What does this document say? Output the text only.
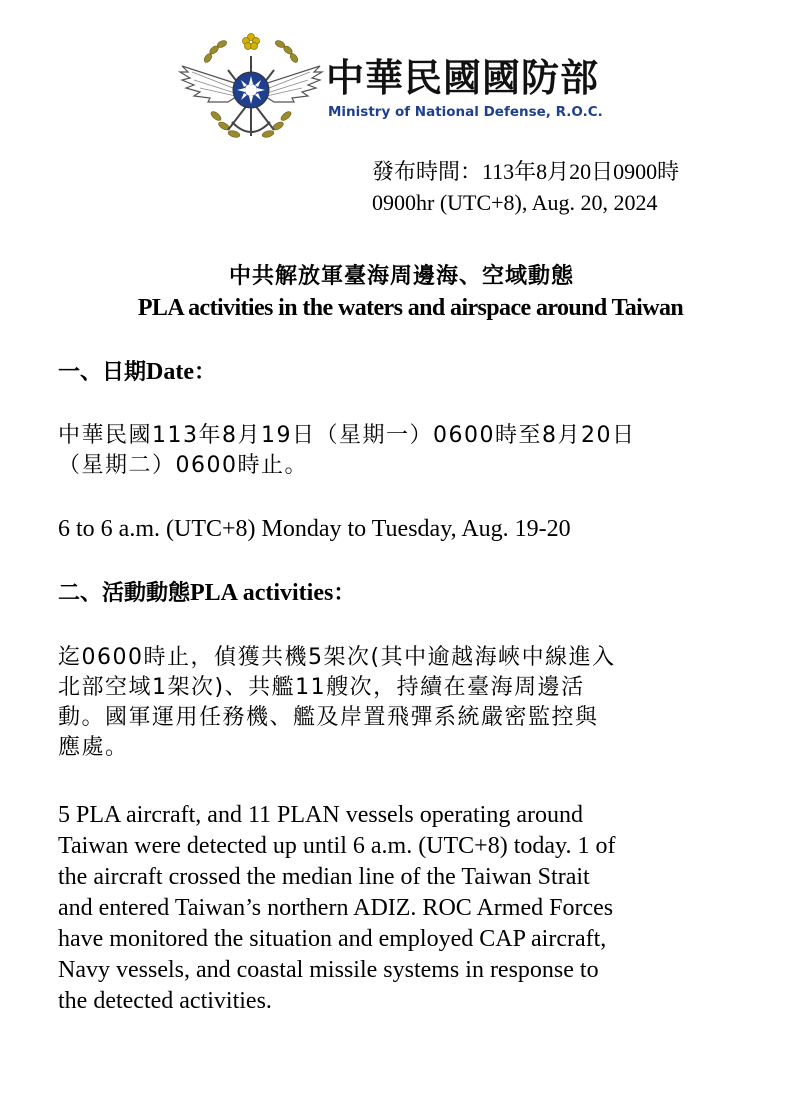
中華民國國防部
Ministry of National Defense, R.O.C.
發布時間：113年8月20日0900時
0900hr (UTC+8), Aug. 20, 2024
中共解放軍臺海周邊海、空域動態
PLA activities in the waters and airspace around Taiwan
一、日期Date：
中華民國113年8月19日（星期一）0600時至8月20日
（星期二）0600時止。
6 to 6 a.m. (UTC+8) Monday to Tuesday, Aug. 19-20
二、活動動態PLA activities：
迄0600時止，偵獲共機5架次(其中逾越海峽中線進入
北部空域1架次)、共艦11艘次，持續在臺海周邊活
動。國軍運用任務機、艦及岸置飛彈系統嚴密監控與
應處。
5 PLA aircraft, and 11 PLAN vessels operating around
Taiwan were detected up until 6 a.m. (UTC+8) today. 1 of
the aircraft crossed the median line of the Taiwan Strait
and entered Taiwan’s northern ADIZ. ROC Armed Forces
have monitored the situation and employed CAP aircraft,
Navy vessels, and coastal missile systems in response to
the detected activities.
